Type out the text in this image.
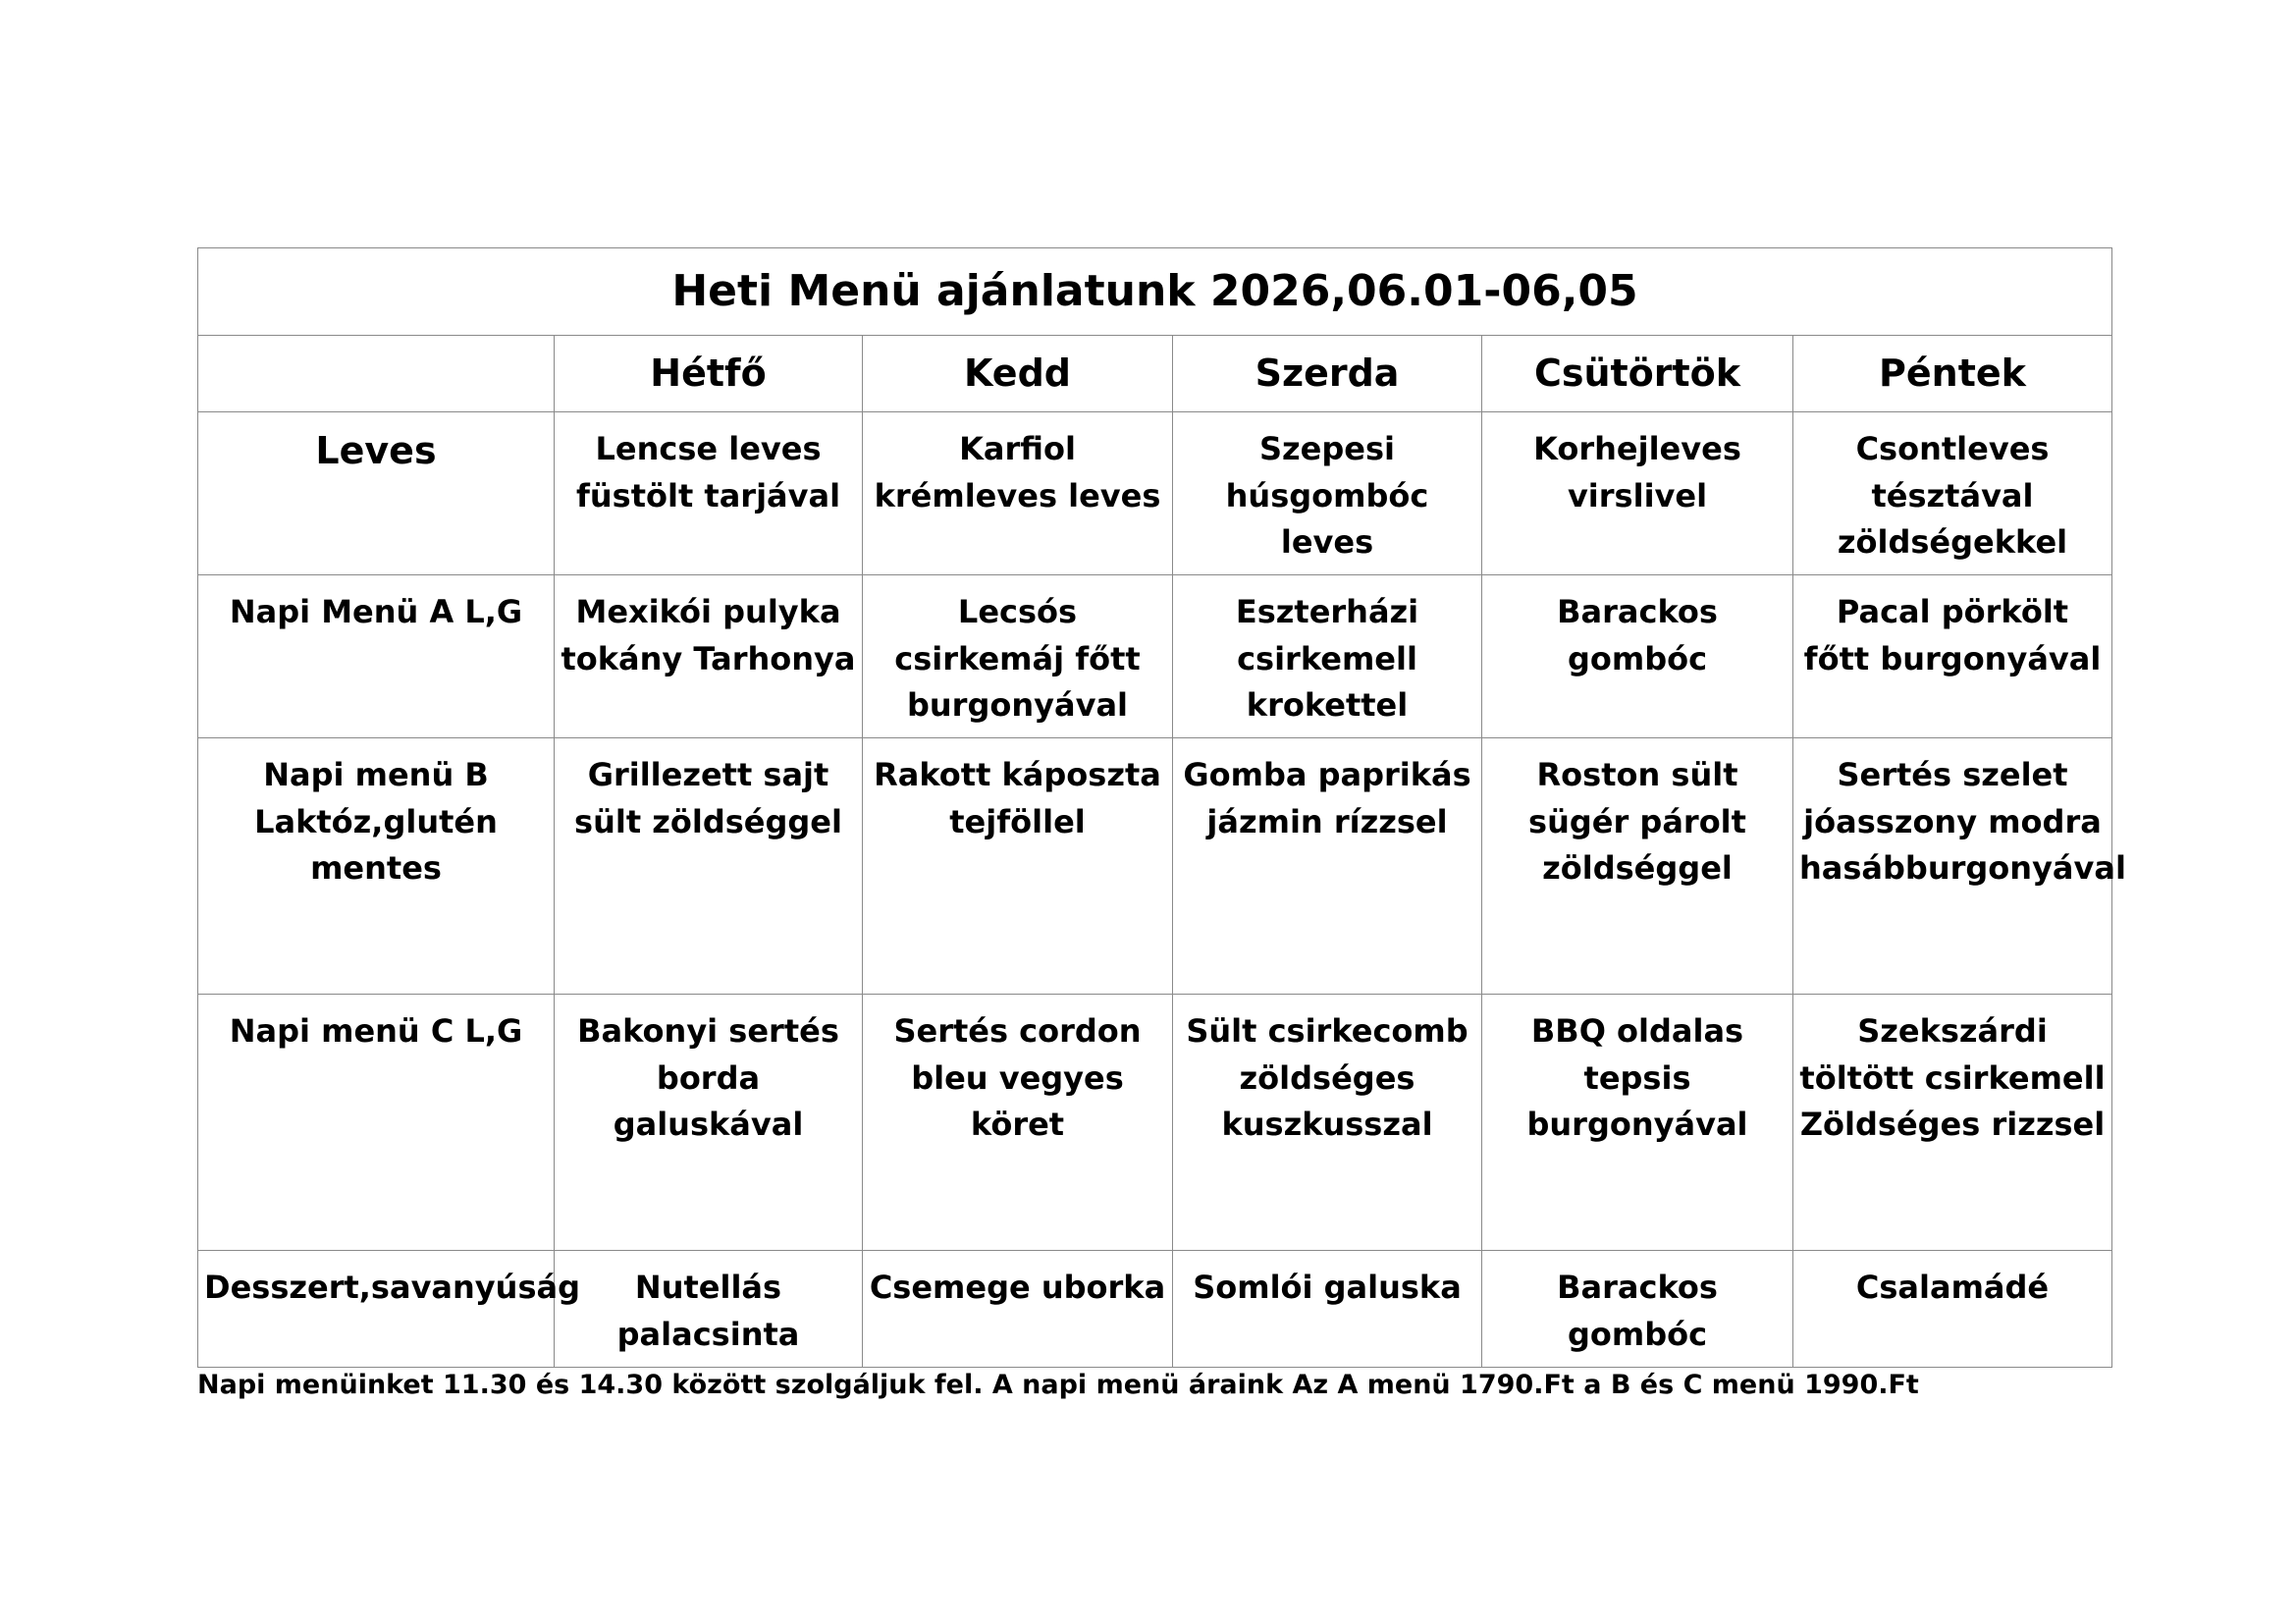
Heti Menü ajánlatunk 2026,06.01-06,05					
	Hétfő	Kedd	Szerda	Csütörtök	Péntek
Leves	Lencse leves füstölt tarjával	Karfiol krémleves leves	Szepesi húsgombóc leves	Korhejleves virslivel	Csontleves tésztával zöldségekkel
Napi Menü A L,G	Mexikói pulyka tokány Tarhonya	Lecsós csirkemáj főtt burgonyával	Eszterházi csirkemell krokettel	Barackos gombóc	Pacal pörkölt főtt burgonyával
Napi menü B Laktóz,glutén mentes	Grillezett sajt sült zöldséggel	Rakott káposzta tejföllel	Gomba paprikás jázmin rízzsel	Roston sült sügér párolt zöldséggel	Sertés szelet jóasszony modra hasábburgonyával
Napi menü C L,G	Bakonyi sertés borda galuskával	Sertés cordon bleu vegyes köret	Sült csirkecomb zöldséges kuszkusszal	BBQ oldalas tepsis burgonyával	Szekszárdi töltött csirkemell Zöldséges rizzsel
Desszert,savanyúság	Nutellás palacsinta	Csemege uborka	Somlói galuska	Barackos gombóc	Csalamádé
Napi menüinket 11.30 és 14.30 között szolgáljuk fel. A napi menü áraink Az A menü 1790.Ft a B és C menü 1990.Ft
